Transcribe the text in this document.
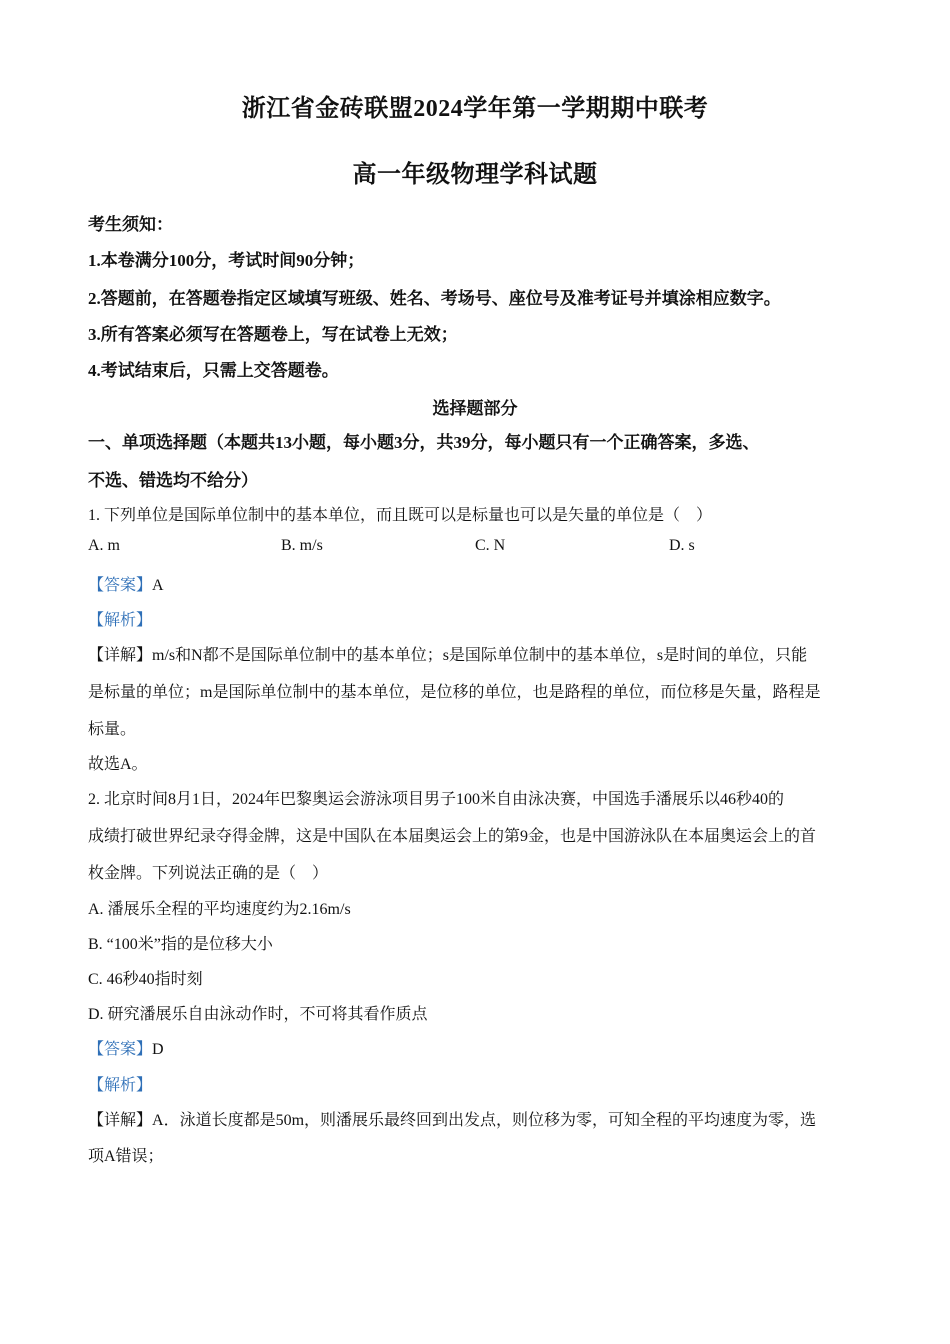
浙江省金砖联盟2024学年第一学期期中联考
高一年级物理学科试题
考生须知：
1.本卷满分100分，考试时间90分钟；
2.答题前，在答题卷指定区域填写班级、姓名、考场号、座位号及准考证号并填涂相应数字。
3.所有答案必须写在答题卷上，写在试卷上无效；
4.考试结束后，只需上交答题卷。
选择题部分
一、单项选择题（本题共13小题，每小题3分，共39分，每小题只有一个正确答案，多选、
不选、错选均不给分）
1. 下列单位是国际单位制中的基本单位，而且既可以是标量也可以是矢量的单位是（　）
A. m	B. m/s	C. N	D. s
【答案】A
【解析】
【详解】m/s和N都不是国际单位制中的基本单位；s是国际单位制中的基本单位，s是时间的单位，只能
是标量的单位；m是国际单位制中的基本单位，是位移的单位，也是路程的单位，而位移是矢量，路程是
标量。
故选A。
2. 北京时间8月1日，2024年巴黎奥运会游泳项目男子100米自由泳决赛，中国选手潘展乐以46秒40的
成绩打破世界纪录夺得金牌，这是中国队在本届奥运会上的第9金，也是中国游泳队在本届奥运会上的首
枚金牌。下列说法正确的是（　）
A. 潘展乐全程的平均速度约为2.16m/s
B. “100米”指的是位移大小
C. 46秒40指时刻
D. 研究潘展乐自由泳动作时，不可将其看作质点
【答案】D
【解析】
【详解】A．泳道长度都是50m，则潘展乐最终回到出发点，则位移为零，可知全程的平均速度为零，选
项A错误；
